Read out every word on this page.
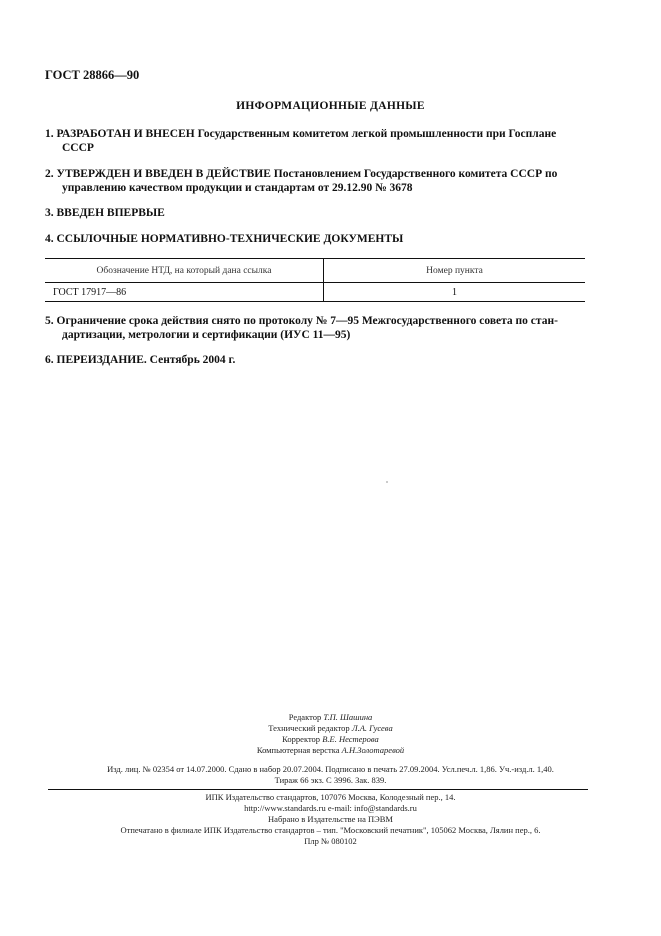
ГОСТ 28866—90
ИНФОРМАЦИОННЫЕ ДАННЫЕ
1. РАЗРАБОТАН И ВНЕСЕН Государственным комитетом легкой промышленности при Госплане
СССР
2. УТВЕРЖДЕН И ВВЕДЕН В ДЕЙСТВИЕ Постановлением Государственного комитета СССР по
управлению качеством продукции и стандартам от 29.12.90 № 3678
3. ВВЕДЕН ВПЕРВЫЕ
4. ССЫЛОЧНЫЕ НОРМАТИВНО-ТЕХНИЧЕСКИЕ ДОКУМЕНТЫ
Обозначение НТД, на который дана ссылка	Номер пункта
ГОСТ 17917—86	1
5. Ограничение срока действия снято по протоколу № 7—95 Межгосударственного совета по стан-
дартизации, метрологии и сертификации (ИУС 11—95)
6. ПЕРЕИЗДАНИЕ. Сентябрь 2004 г.
Редактор Т.П. Шашина
Технический редактор Л.А. Гусева
Корректор В.Е. Нестерова
Компьютерная верстка А.Н.Золотаревой
Изд. лиц. № 02354 от 14.07.2000. Сдано в набор 20.07.2004. Подписано в печать 27.09.2004. Усл.печ.л. 1,86. Уч.-изд.л. 1,40.
Тираж 66 экз. С 3996. Зак. 839.
ИПК Издательство стандартов, 107076 Москва, Колодезный пер., 14.
http://www.standards.ru e-mail: info@standards.ru
Набрано в Издательстве на ПЭВМ
Отпечатано в филиале ИПК Издательство стандартов – тип. "Московский печатник", 105062 Москва, Лялин пер., 6.
Плр № 080102
